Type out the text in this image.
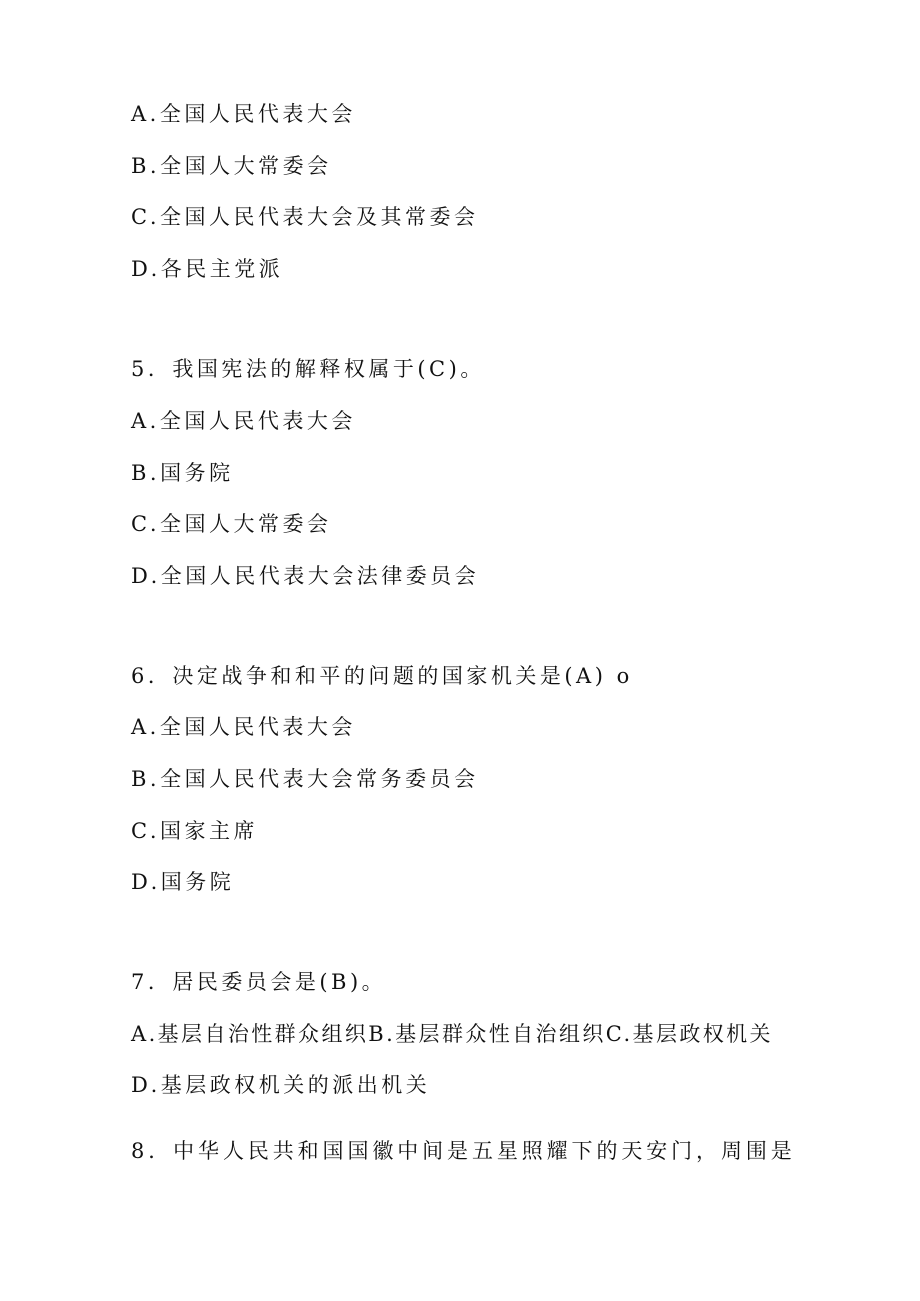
A.全国人民代表大会
B.全国人大常委会
C.全国人民代表大会及其常委会
D.各民主党派
5．我国宪法的解释权属于(C)。
A.全国人民代表大会
B.国务院
C.全国人大常委会
D.全国人民代表大会法律委员会
6．决定战争和和平的问题的国家机关是(A) o
A.全国人民代表大会
B.全国人民代表大会常务委员会
C.国家主席
D.国务院
7．居民委员会是(B)。
A.基层自治性群众组织B.基层群众性自治组织C.基层政权机关
D.基层政权机关的派出机关
8．中华人民共和国国徽中间是五星照耀下的天安门，周围是
